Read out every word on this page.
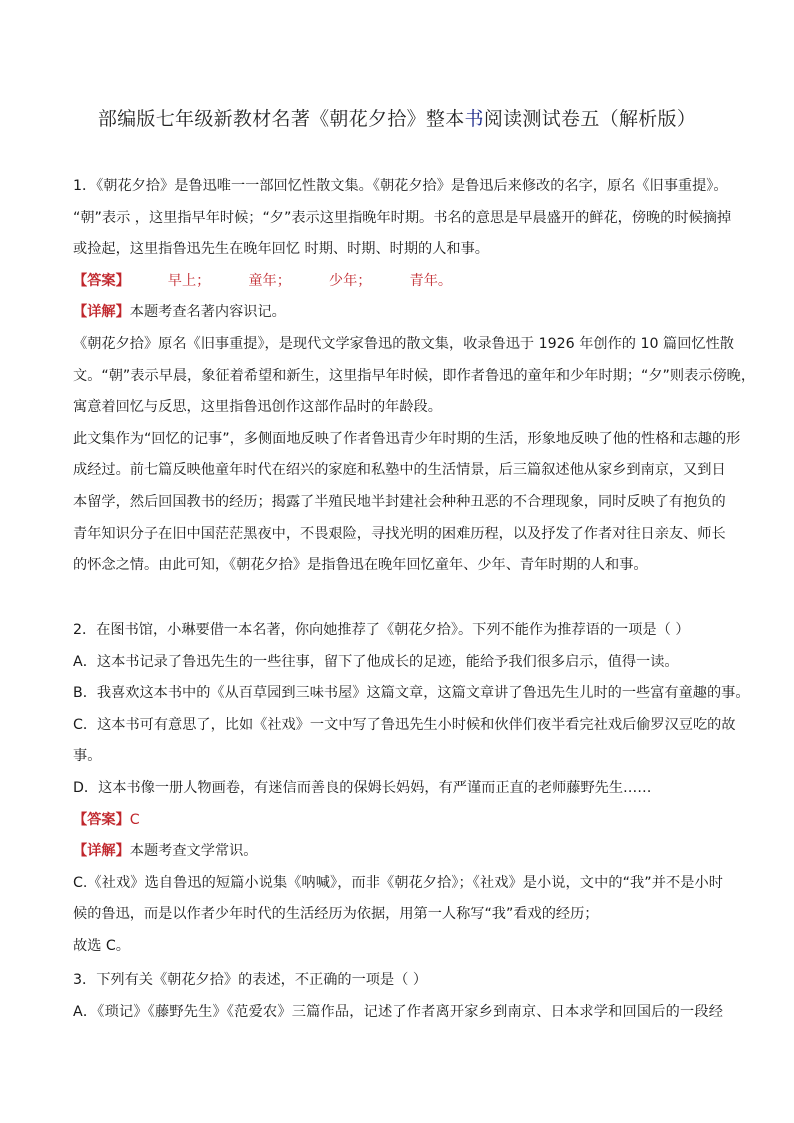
部编版七年级新教材名著《朝花夕拾》整本书阅读测试卷五（解析版）
1．《朝花夕拾》是鲁迅唯一一部回忆性散文集。《朝花夕拾》是鲁迅后来修改的名字，原名《旧事重提》。
“朝”表示 ，这里指早年时候；“夕”表示这里指晚年时期。书名的意思是早晨盛开的鲜花，傍晚的时候摘掉
或捡起，这里指鲁迅先生在晚年回忆 时期、时期、时期的人和事。
【答案】	早上；	童年；	少年；	青年。
【详解】本题考查名著内容识记。
《朝花夕拾》原名《旧事重提》，是现代文学家鲁迅的散文集，收录鲁迅于 1926 年创作的 10 篇回忆性散
文。“朝”表示早晨，象征着希望和新生，这里指早年时候，即作者鲁迅的童年和少年时期；“夕”则表示傍晚，
寓意着回忆与反思，这里指鲁迅创作这部作品时的年龄段。
此文集作为“回忆的记事”，多侧面地反映了作者鲁迅青少年时期的生活，形象地反映了他的性格和志趣的形
成经过。前七篇反映他童年时代在绍兴的家庭和私塾中的生活情景，后三篇叙述他从家乡到南京，又到日
本留学，然后回国教书的经历；揭露了半殖民地半封建社会种种丑恶的不合理现象，同时反映了有抱负的
青年知识分子在旧中国茫茫黑夜中，不畏艰险，寻找光明的困难历程，以及抒发了作者对往日亲友、师长
的怀念之情。由此可知，《朝花夕拾》是指鲁迅在晚年回忆童年、少年、青年时期的人和事。
2．在图书馆，小琳要借一本名著，你向她推荐了《朝花夕拾》。下列不能作为推荐语的一项是（ ）
A．这本书记录了鲁迅先生的一些往事，留下了他成长的足迹，能给予我们很多启示，值得一读。
B．我喜欢这本书中的《从百草园到三味书屋》这篇文章，这篇文章讲了鲁迅先生儿时的一些富有童趣的事。
C．这本书可有意思了，比如《社戏》一文中写了鲁迅先生小时候和伙伴们夜半看完社戏后偷罗汉豆吃的故
事。
D．这本书像一册人物画卷，有迷信而善良的保姆长妈妈，有严谨而正直的老师藤野先生……
【答案】C
【详解】本题考查文学常识。
C.《社戏》选自鲁迅的短篇小说集《呐喊》，而非《朝花夕拾》；《社戏》是小说，文中的“我”并不是小时
候的鲁迅，而是以作者少年时代的生活经历为依据，用第一人称写“我”看戏的经历；
故选 C。
3．下列有关《朝花夕拾》的表述，不正确的一项是（ ）
A．《琐记》《藤野先生》《范爱农》三篇作品，记述了作者离开家乡到南京、日本求学和回国后的一段经
